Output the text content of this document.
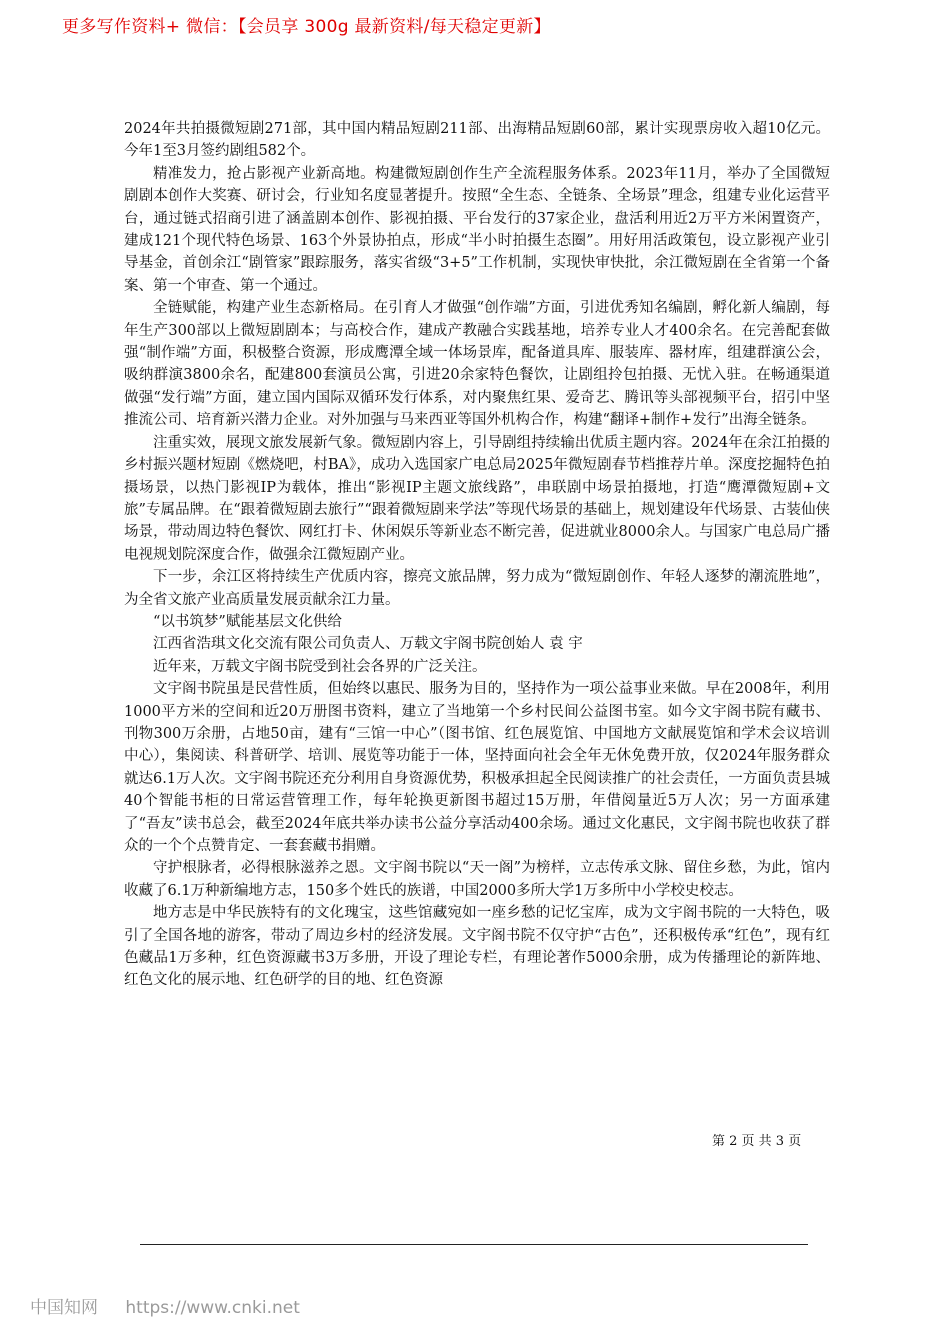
更多写作资料+ 微信：【会员享 300g 最新资料/每天稳定更新】

2024年共拍摄微短剧271部，其中国内精品短剧211部、出海精品短剧60部，累计实现票房收入超10亿元。今年1至3月签约剧组582个。

精准发力，抢占影视产业新高地。构建微短剧创作生产全流程服务体系。2023年11月，举办了全国微短剧剧本创作大奖赛、研讨会，行业知名度显著提升。按照“全生态、全链条、全场景”理念，组建专业化运营平台，通过链式招商引进了涵盖剧本创作、影视拍摄、平台发行的37家企业，盘活利用近2万平方米闲置资产，建成121个现代特色场景、163个外景协拍点，形成“半小时拍摄生态圈”。用好用活政策包，设立影视产业引导基金，首创余江“剧管家”跟踪服务，落实省级“3+5”工作机制，实现快审快批，余江微短剧在全省第一个备案、第一个审查、第一个通过。

全链赋能，构建产业生态新格局。在引育人才做强“创作端”方面，引进优秀知名编剧，孵化新人编剧，每年生产300部以上微短剧剧本；与高校合作，建成产教融合实践基地，培养专业人才400余名。在完善配套做强“制作端”方面，积极整合资源，形成鹰潭全域一体场景库，配备道具库、服装库、器材库，组建群演公会，吸纳群演3800余名，配建800套演员公寓，引进20余家特色餐饮，让剧组拎包拍摄、无忧入驻。在畅通渠道做强“发行端”方面，建立国内国际双循环发行体系，对内聚焦红果、爱奇艺、腾讯等头部视频平台，招引中坚推流公司、培育新兴潜力企业。对外加强与马来西亚等国外机构合作，构建“翻译+制作+发行”出海全链条。

注重实效，展现文旅发展新气象。微短剧内容上，引导剧组持续输出优质主题内容。2024年在余江拍摄的乡村振兴题材短剧《燃烧吧，村BA》，成功入选国家广电总局2025年微短剧春节档推荐片单。深度挖掘特色拍摄场景，以热门影视IP为载体，推出“影视IP主题文旅线路”，串联剧中场景拍摄地，打造“鹰潭微短剧+文旅”专属品牌。在“跟着微短剧去旅行”“跟着微短剧来学法”等现代场景的基础上，规划建设年代场景、古装仙侠场景，带动周边特色餐饮、网红打卡、休闲娱乐等新业态不断完善，促进就业8000余人。与国家广电总局广播电视规划院深度合作，做强余江微短剧产业。

下一步，余江区将持续生产优质内容，擦亮文旅品牌，努力成为“微短剧创作、年轻人逐梦的潮流胜地”，为全省文旅产业高质量发展贡献余江力量。

“以书筑梦”赋能基层文化供给

江西省浩琪文化交流有限公司负责人、万载文宇阁书院创始人 袁 宇

近年来，万载文宇阁书院受到社会各界的广泛关注。

文宇阁书院虽是民营性质，但始终以惠民、服务为目的，坚持作为一项公益事业来做。早在2008年，利用1000平方米的空间和近20万册图书资料，建立了当地第一个乡村民间公益图书室。如今文宇阁书院有藏书、刊物300万余册，占地50亩，建有“三馆一中心”（图书馆、红色展览馆、中国地方文献展览馆和学术会议培训中心），集阅读、科普研学、培训、展览等功能于一体，坚持面向社会全年无休免费开放，仅2024年服务群众就达6.1万人次。文宇阁书院还充分利用自身资源优势，积极承担起全民阅读推广的社会责任，一方面负责县城40个智能书柜的日常运营管理工作，每年轮换更新图书超过15万册，年借阅量近5万人次；另一方面承建了“吾友”读书总会，截至2024年底共举办读书公益分享活动400余场。通过文化惠民，文宇阁书院也收获了群众的一个个点赞肯定、一套套藏书捐赠。

守护根脉者，必得根脉滋养之恩。文宇阁书院以“天一阁”为榜样，立志传承文脉、留住乡愁，为此，馆内收藏了6.1万种新编地方志，150多个姓氏的族谱，中国2000多所大学1万多所中小学校史校志。

地方志是中华民族特有的文化瑰宝，这些馆藏宛如一座乡愁的记忆宝库，成为文宇阁书院的一大特色，吸引了全国各地的游客，带动了周边乡村的经济发展。文宇阁书院不仅守护“古色”，还积极传承“红色”，现有红色藏品1万多种，红色资源藏书3万多册，开设了理论专栏，有理论著作5000余册，成为传播理论的新阵地、红色文化的展示地、红色研学的目的地、红色资源

第 2 页 共 3 页
中国知网 https://www.cnki.net
